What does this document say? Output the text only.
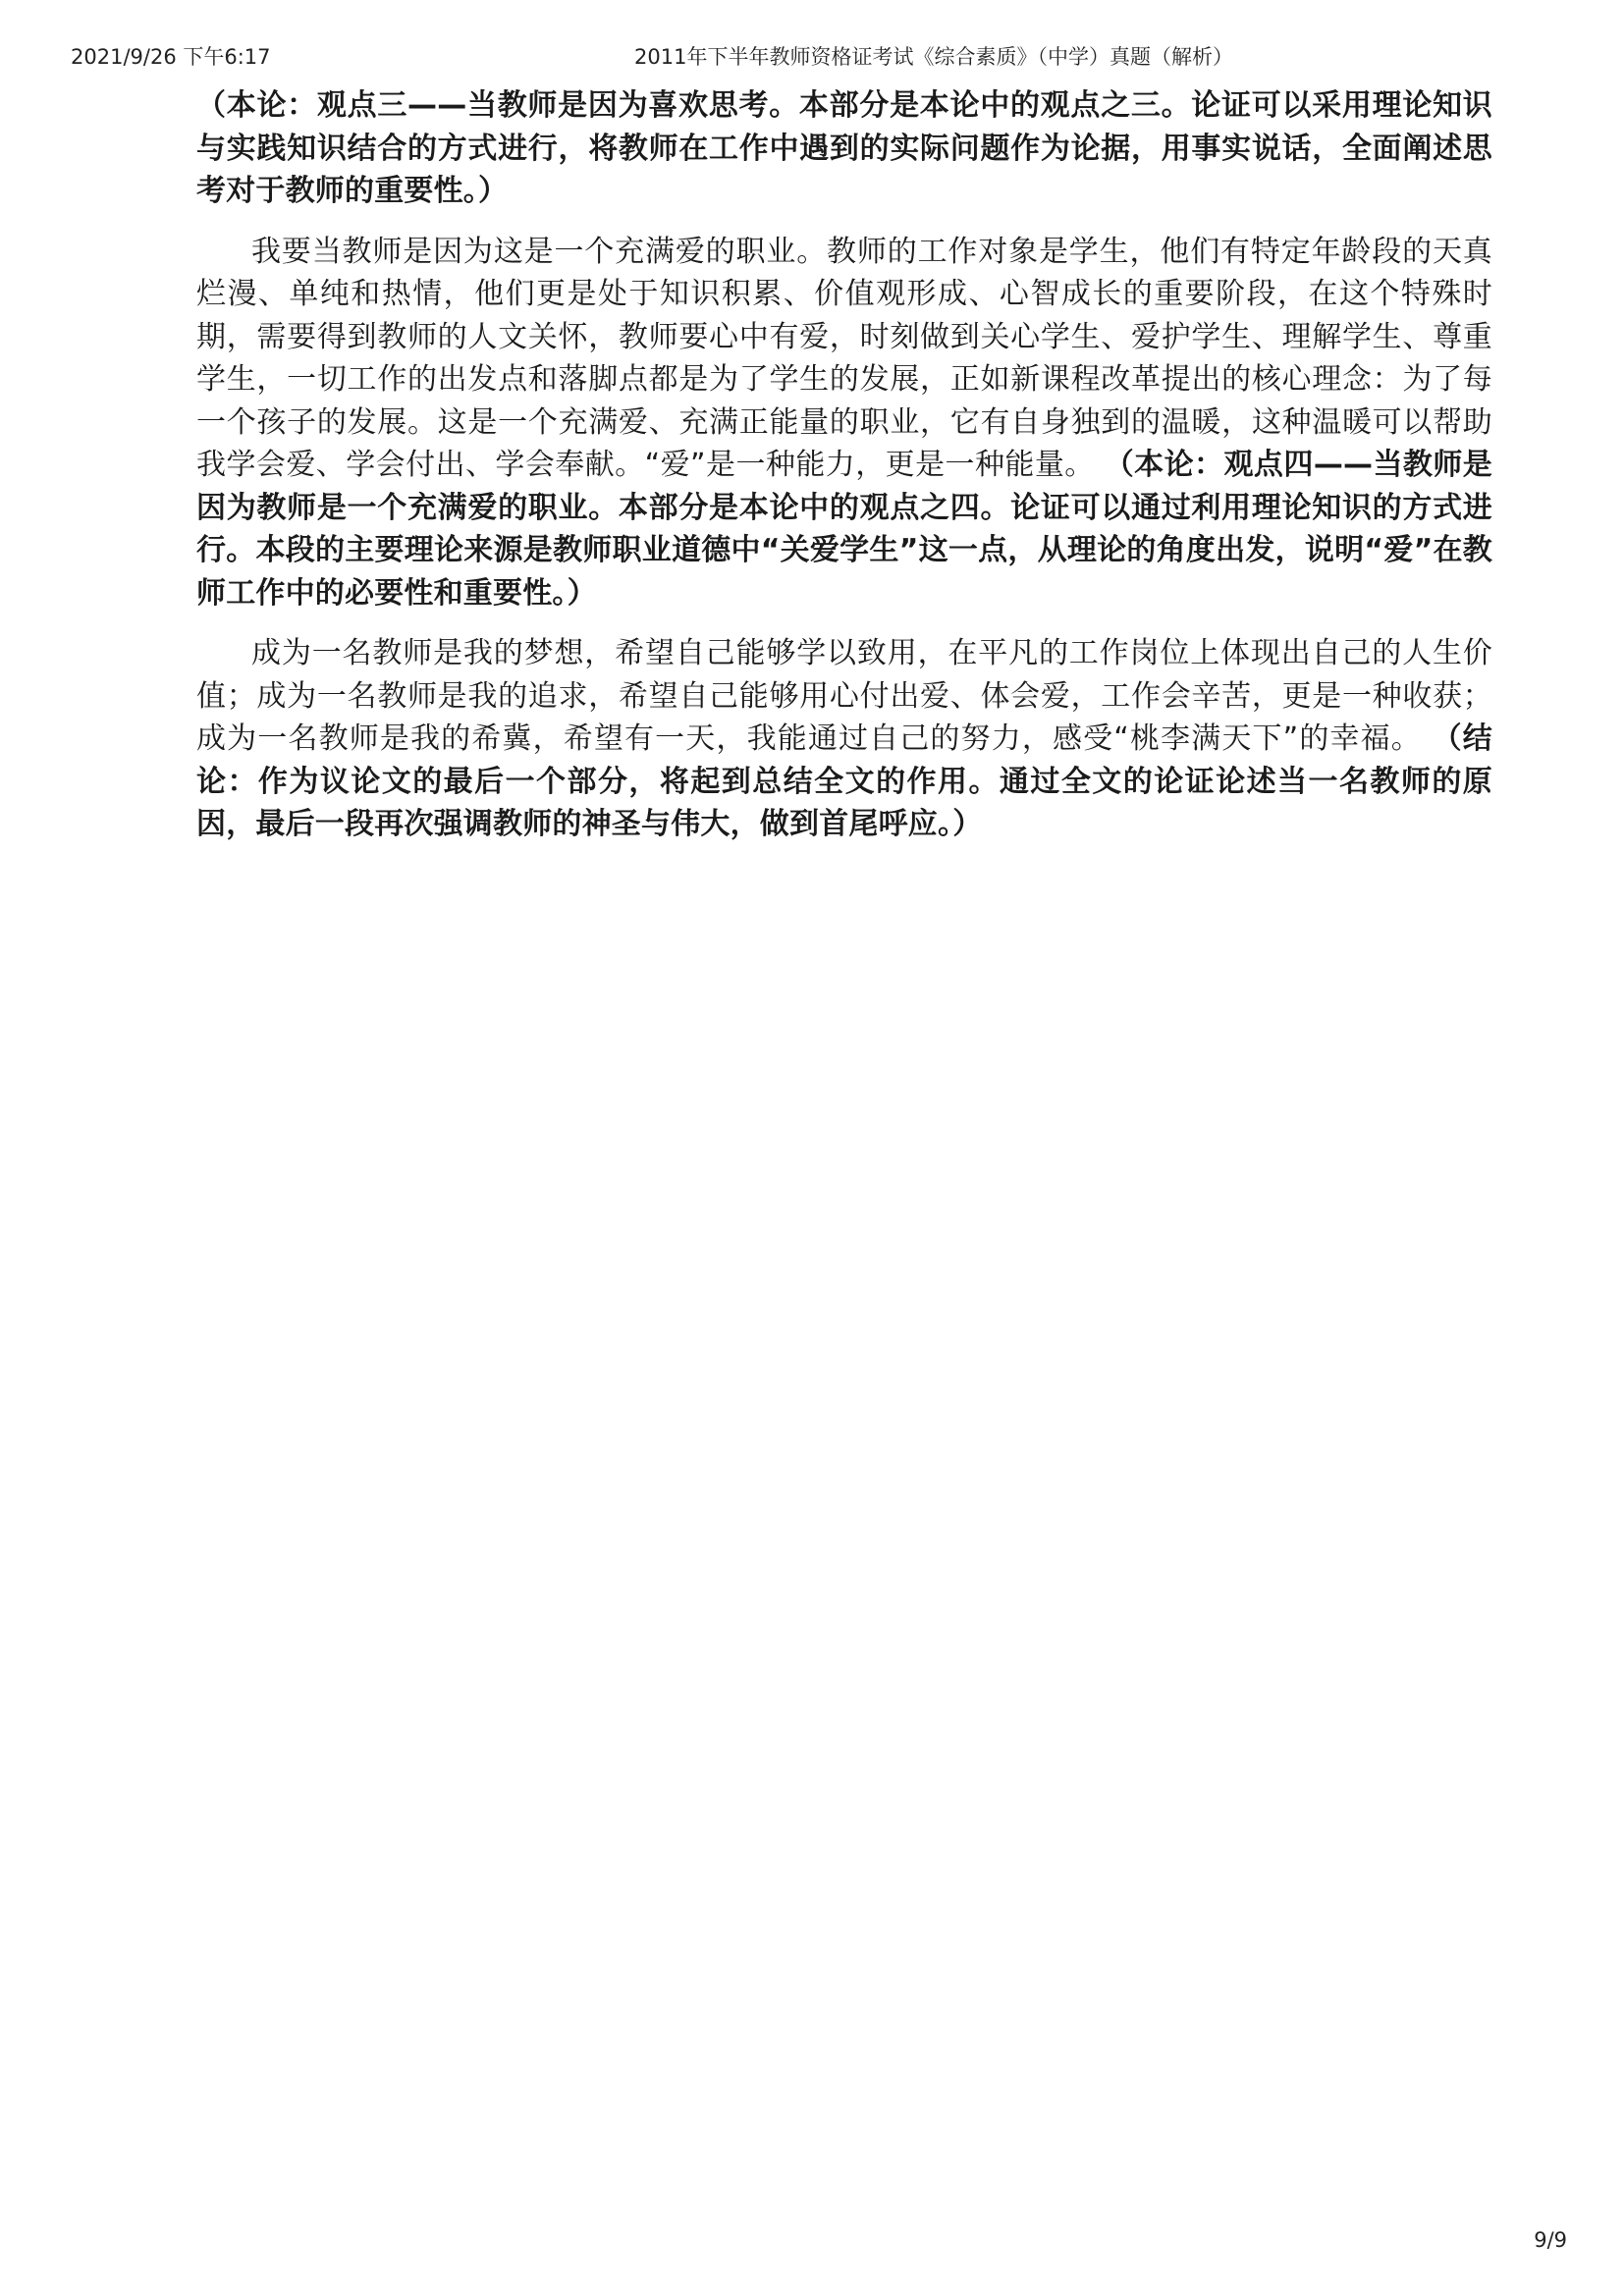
2021/9/26 下午6:17	2011年下半年教师资格证考试《综合素质》（中学）真题（解析）

（本论：观点三——当教师是因为喜欢思考。本部分是本论中的观点之三。论证可以采用理论知识与实践知识结合的方式进行，将教师在工作中遇到的实际问题作为论据，用事实说话，全面阐述思考对于教师的重要性。）

我要当教师是因为这是一个充满爱的职业。教师的工作对象是学生，他们有特定年龄段的天真烂漫、单纯和热情，他们更是处于知识积累、价值观形成、心智成长的重要阶段，在这个特殊时期，需要得到教师的人文关怀，教师要心中有爱，时刻做到关心学生、爱护学生、理解学生、尊重学生，一切工作的出发点和落脚点都是为了学生的发展，正如新课程改革提出的核心理念：为了每一个孩子的发展。这是一个充满爱、充满正能量的职业，它有自身独到的温暖，这种温暖可以帮助我学会爱、学会付出、学会奉献。“爱”是一种能力，更是一种能量。 （本论：观点四——当教师是因为教师是一个充满爱的职业。本部分是本论中的观点之四。论证可以通过利用理论知识的方式进行。本段的主要理论来源是教师职业道德中“关爱学生”这一点，从理论的角度出发，说明“爱”在教师工作中的必要性和重要性。）

成为一名教师是我的梦想，希望自己能够学以致用，在平凡的工作岗位上体现出自己的人生价值；成为一名教师是我的追求，希望自己能够用心付出爱、体会爱，工作会辛苦，更是一种收获；成为一名教师是我的希冀，希望有一天，我能通过自己的努力，感受“桃李满天下”的幸福。 （结论：作为议论文的最后一个部分，将起到总结全文的作用。通过全文的论证论述当一名教师的原因，最后一段再次强调教师的神圣与伟大，做到首尾呼应。）

9/9
